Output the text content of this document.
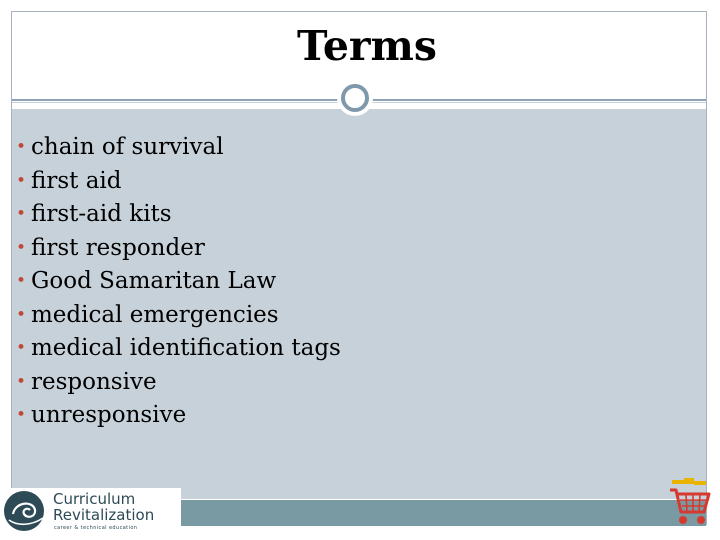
Terms
• chain of survival
• first aid
• first-aid kits
• first responder
• Good Samaritan Law
• medical emergencies
• medical identification tags
• responsive
• unresponsive
Curriculum
Revitalization
career & technical education
